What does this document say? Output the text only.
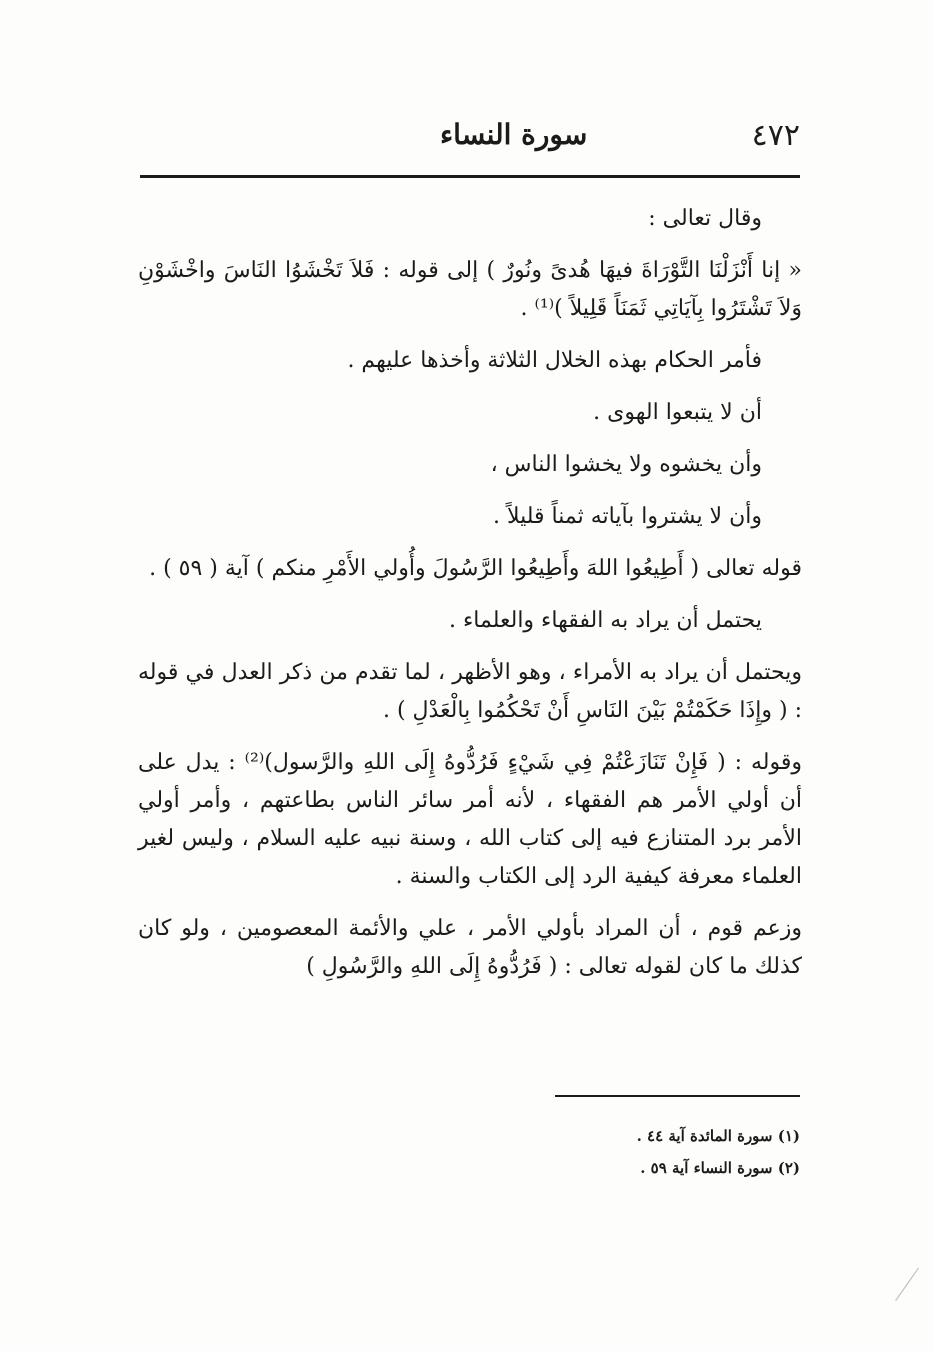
٤٧٢
سورة النساء

وقال تعالى :

« إنا أَنْزَلْنَا التَّوْرَاةَ فيهَا هُدىً ونُورٌ ) إلى قوله : فَلاَ تَخْشَوُا النَاسَ واخْشَوْنِ وَلاَ تَشْتَرُوا بِآيَاتِي ثَمَنَاً قَلِيلاً )⁽¹⁾ .

فأمر الحكام بهذه الخلال الثلاثة وأخذها عليهم .

أن لا يتبعوا الهوى .

وأن يخشوه ولا يخشوا الناس ،

وأن لا يشتروا بآياته ثمناً قليلاً .

قوله تعالى ( أَطِيعُوا اللهَ وأَطِيعُوا الرَّسُولَ وأُولي الأَمْرِ منكم ) آية ( ٥٩ ) .

يحتمل أن يراد به الفقهاء والعلماء .

ويحتمل أن يراد به الأمراء ، وهو الأظهر ، لما تقدم من ذكر العدل في قوله : ( وإِذَا حَكَمْتُمْ بَيْنَ النَاسِ أَنْ تَحْكُمُوا بِالْعَدْلِ ) .

وقوله : ( فَإِنْ تَنَازَعْتُمْ فِي شَيْءٍ فَرُدُّوهُ إِلَى اللهِ والرَّسول)⁽²⁾ : يدل على أن أولي الأمر هم الفقهاء ، لأنه أمر سائر الناس بطاعتهم ، وأمر أولي الأمر برد المتنازع فيه إلى كتاب الله ، وسنة نبيه عليه السلام ، وليس لغير العلماء معرفة كيفية الرد إلى الكتاب والسنة .

وزعم قوم ، أن المراد بأولي الأمر ، علي والأئمة المعصومين ، ولو كان كذلك ما كان لقوله تعالى : ( فَرُدُّوهُ إِلَى اللهِ والرَّسُولِ )

(١) سورة المائدة آية ٤٤ .
(٢) سورة النساء آية ٥٩ .
